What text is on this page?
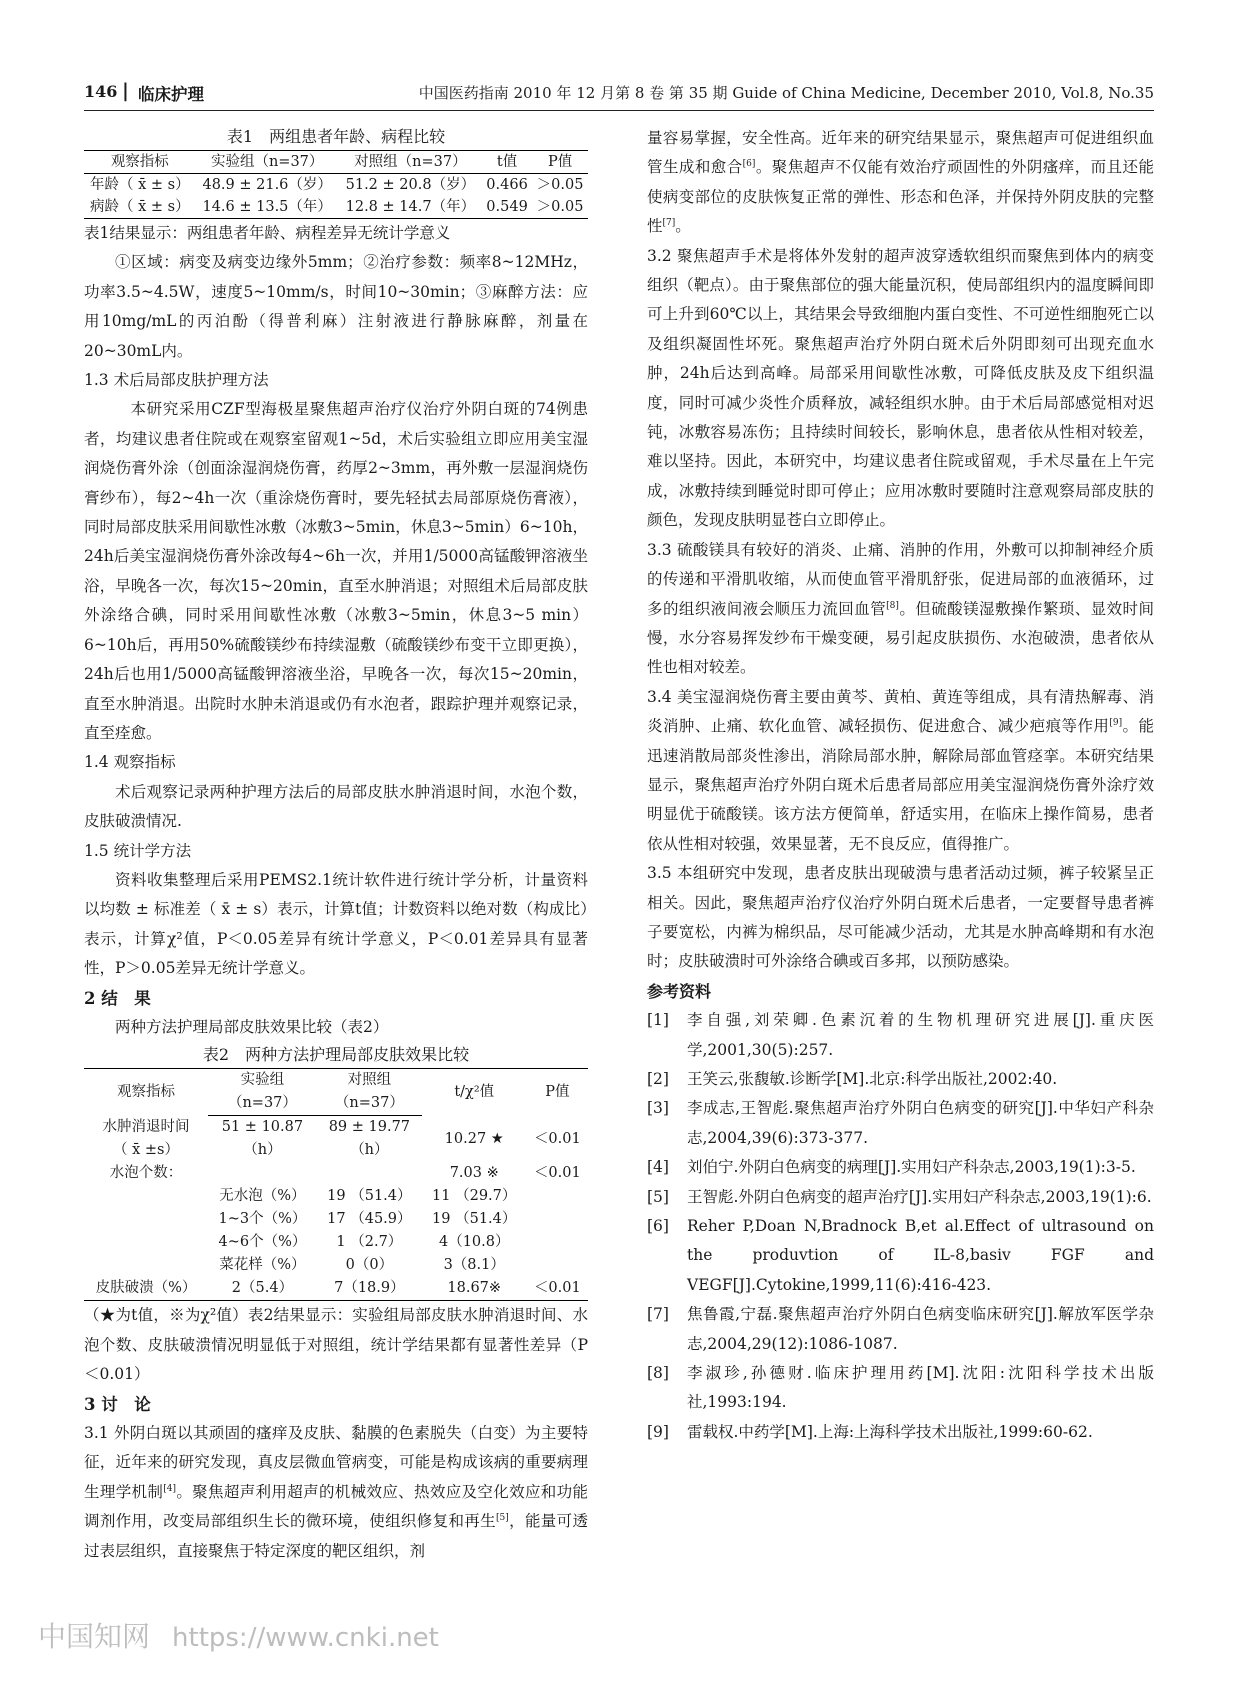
146 | 临床护理	中国医药指南 2010 年 12 月第 8 卷 第 35 期 Guide of China Medicine, December 2010, Vol.8, No.35
表1　两组患者年龄、病程比较
观察指标	实验组（n=37）	对照组（n=37）	t值	P值
年龄（ x̄ ± s）	48.9 ± 21.6（岁）	51.2 ± 20.8（岁）	0.466	＞0.05
病龄（ x̄ ± s）	14.6 ± 13.5（年）	12.8 ± 14.7（年）	0.549	＞0.05

表1结果显示：两组患者年龄、病程差异无统计学意义

①区域：病变及病变边缘外5mm；②治疗参数：频率8~12MHz，功率3.5~4.5W，速度5~10mm/s，时间10~30min；③麻醉方法：应用10mg/mL的丙泊酚（得普利麻）注射液进行静脉麻醉，剂量在20~30mL内。

1.3 术后局部皮肤护理方法

本研究采用CZF型海极星聚焦超声治疗仪治疗外阴白斑的74例患者，均建议患者住院或在观察室留观1~5d，术后实验组立即应用美宝湿润烧伤膏外涂（创面涂湿润烧伤膏，药厚2~3mm，再外敷一层湿润烧伤膏纱布），每2~4h一次（重涂烧伤膏时，要先轻拭去局部原烧伤膏液），同时局部皮肤采用间歇性冰敷（冰敷3~5min，休息3~5min）6~10h，24h后美宝湿润烧伤膏外涂改每4~6h一次，并用1/5000高锰酸钾溶液坐浴，早晚各一次，每次15~20min，直至水肿消退；对照组术后局部皮肤外涂络合碘，同时采用间歇性冰敷（冰敷3~5min，休息3~5 min）6~10h后，再用50%硫酸镁纱布持续湿敷（硫酸镁纱布变干立即更换），24h后也用1/5000高锰酸钾溶液坐浴，早晚各一次，每次15~20min，直至水肿消退。出院时水肿未消退或仍有水泡者，跟踪护理并观察记录，直至痊愈。

1.4 观察指标

术后观察记录两种护理方法后的局部皮肤水肿消退时间，水泡个数，皮肤破溃情况.

1.5 统计学方法

资料收集整理后采用PEMS2.1统计软件进行统计学分析，计量资料以均数 ± 标准差（ x̄ ± s）表示，计算t值；计数资料以绝对数（构成比）表示，计算χ²值，P＜0.05差异有统计学意义，P＜0.01差异具有显著性，P＞0.05差异无统计学意义。

2 结　果

两种方法护理局部皮肤效果比较（表2）

表2　两种方法护理局部皮肤效果比较
观察指标	实验组	对照组	t/χ²值	P值
	（n=37）	（n=37）		
水肿消退时间	51 ± 10.87	89 ± 19.77	10.27 ★	＜0.01
（ x̄ ±s）	（h）	（h）		
水泡个数：			7.03 ※	＜0.01
	无水泡（%）	19 （51.4）	11 （29.7）	
	1~3个（%）	17 （45.9）	19 （51.4）	
	4~6个（%）	1 （2.7）	4（10.8）	
	菜花样（%）	0（0）	3（8.1）	
皮肤破溃（%）	2（5.4）	7（18.9）	18.67※	＜0.01

（★为t值，※为χ²值）表2结果显示：实验组局部皮肤水肿消退时间、水泡个数、皮肤破溃情况明显低于对照组，统计学结果都有显著性差异（P＜0.01）

3 讨　论

3.1 外阴白斑以其顽固的瘙痒及皮肤、黏膜的色素脱失（白变）为主要特征，近年来的研究发现，真皮层微血管病变，可能是构成该病的重要病理生理学机制[4]。聚焦超声利用超声的机械效应、热效应及空化效应和功能调剂作用，改变局部组织生长的微环境，使组织修复和再生[5]，能量可透过表层组织，直接聚焦于特定深度的靶区组织，剂

量容易掌握，安全性高。近年来的研究结果显示，聚焦超声可促进组织血管生成和愈合[6]。聚焦超声不仅能有效治疗顽固性的外阴瘙痒，而且还能使病变部位的皮肤恢复正常的弹性、形态和色泽，并保持外阴皮肤的完整性[7]。

3.2 聚焦超声手术是将体外发射的超声波穿透软组织而聚焦到体内的病变组织（靶点）。由于聚焦部位的强大能量沉积，使局部组织内的温度瞬间即可上升到60℃以上，其结果会导致细胞内蛋白变性、不可逆性细胞死亡以及组织凝固性坏死。聚焦超声治疗外阴白斑术后外阴即刻可出现充血水肿，24h后达到高峰。局部采用间歇性冰敷，可降低皮肤及皮下组织温度，同时可减少炎性介质释放，减轻组织水肿。由于术后局部感觉相对迟钝，冰敷容易冻伤；且持续时间较长，影响休息，患者依从性相对较差，难以坚持。因此，本研究中，均建议患者住院或留观，手术尽量在上午完成，冰敷持续到睡觉时即可停止；应用冰敷时要随时注意观察局部皮肤的颜色，发现皮肤明显苍白立即停止。

3.3 硫酸镁具有较好的消炎、止痛、消肿的作用，外敷可以抑制神经介质的传递和平滑肌收缩，从而使血管平滑肌舒张，促进局部的血液循环，过多的组织液间液会顺压力流回血管[8]。但硫酸镁湿敷操作繁琐、显效时间慢，水分容易挥发纱布干燥变硬，易引起皮肤损伤、水泡破溃，患者依从性也相对较差。

3.4 美宝湿润烧伤膏主要由黄芩、黄柏、黄连等组成，具有清热解毒、消炎消肿、止痛、软化血管、减轻损伤、促进愈合、减少疤痕等作用[9]。能迅速消散局部炎性渗出，消除局部水肿，解除局部血管痉挛。本研究结果显示，聚焦超声治疗外阴白斑术后患者局部应用美宝湿润烧伤膏外涂疗效明显优于硫酸镁。该方法方便简单，舒适实用，在临床上操作简易，患者依从性相对较强，效果显著，无不良反应，值得推广。

3.5 本组研究中发现，患者皮肤出现破溃与患者活动过频，裤子较紧呈正相关。因此，聚焦超声治疗仪治疗外阴白斑术后患者，一定要督导患者裤子要宽松，内裤为棉织品，尽可能减少活动，尤其是水肿高峰期和有水泡时；皮肤破溃时可外涂络合碘或百多邦，以预防感染。

参考资料

[1] 李自强,刘荣卿.色素沉着的生物机理研究进展[J].重庆医学,2001,30(5):257.
[2] 王笑云,张馥敏.诊断学[M].北京:科学出版社,2002:40.
[3] 李成志,王智彪.聚焦超声治疗外阴白色病变的研究[J].中华妇产科杂志,2004,39(6):373-377.
[4] 刘伯宁.外阴白色病变的病理[J].实用妇产科杂志,2003,19(1):3-5.
[5] 王智彪.外阴白色病变的超声治疗[J].实用妇产科杂志,2003,19(1):6.
[6] Reher P,Doan N,Bradnock B,et al.Effect of ultrasound on the produvtion of IL-8,basiv FGF and VEGF[J].Cytokine,1999,11(6):416-423.
[7] 焦鲁霞,宁磊.聚焦超声治疗外阴白色病变临床研究[J].解放军医学杂志,2004,29(12):1086-1087.
[8] 李淑珍,孙德财.临床护理用药[M].沈阳:沈阳科学技术出版社,1993:194.
[9] 雷载权.中药学[M].上海:上海科学技术出版社,1999:60-62.
中国知网 https://www.cnki.net
